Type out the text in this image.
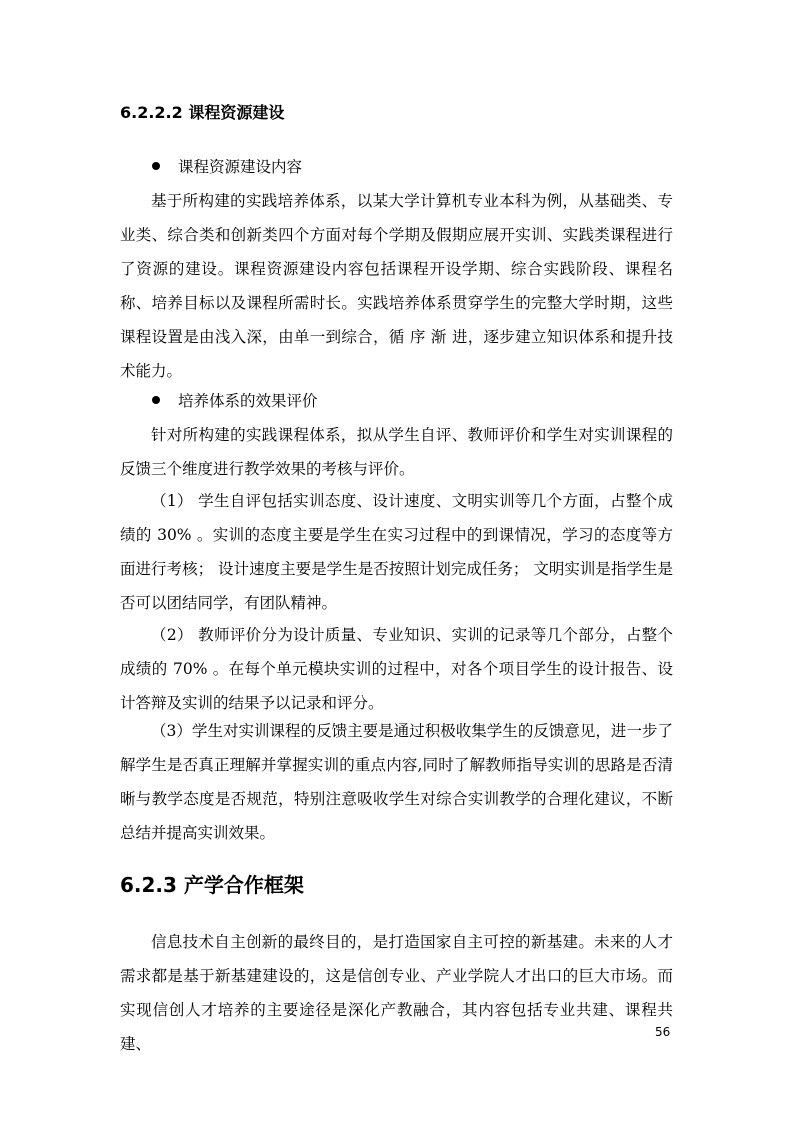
6.2.2.2 课程资源建设
课程资源建设内容

基于所构建的实践培养体系，以某大学计算机专业本科为例，从基础类、专业类、综合类和创新类四个方面对每个学期及假期应展开实训、实践类课程进行了资源的建设。课程资源建设内容包括课程开设学期、综合实践阶段、课程名称、培养目标以及课程所需时长。实践培养体系贯穿学生的完整大学时期，这些课程设置是由浅入深，由单一到综合，循 序 渐 进，逐步建立知识体系和提升技术能力。

培养体系的效果评价

针对所构建的实践课程体系，拟从学生自评、教师评价和学生对实训课程的反馈三个维度进行教学效果的考核与评价。

（1） 学生自评包括实训态度、设计速度、文明实训等几个方面，占整个成绩的 30% 。实训的态度主要是学生在实习过程中的到课情况，学习的态度等方面进行考核； 设计速度主要是学生是否按照计划完成任务； 文明实训是指学生是否可以团结同学，有团队精神。

（2） 教师评价分为设计质量、专业知识、实训的记录等几个部分，占整个成绩的 70% 。在每个单元模块实训的过程中，对各个项目学生的设计报告、设计答辩及实训的结果予以记录和评分。

（3）学生对实训课程的反馈主要是通过积极收集学生的反馈意见，进一步了解学生是否真正理解并掌握实训的重点内容,同时了解教师指导实训的思路是否清晰与教学态度是否规范，特别注意吸收学生对综合实训教学的合理化建议，不断总结并提高实训效果。

6.2.3 产学合作框架

信息技术自主创新的最终目的，是打造国家自主可控的新基建。未来的人才需求都是基于新基建建设的，这是信创专业、产业学院人才出口的巨大市场。而实现信创人才培养的主要途径是深化产教融合，其内容包括专业共建、课程共建、

56
